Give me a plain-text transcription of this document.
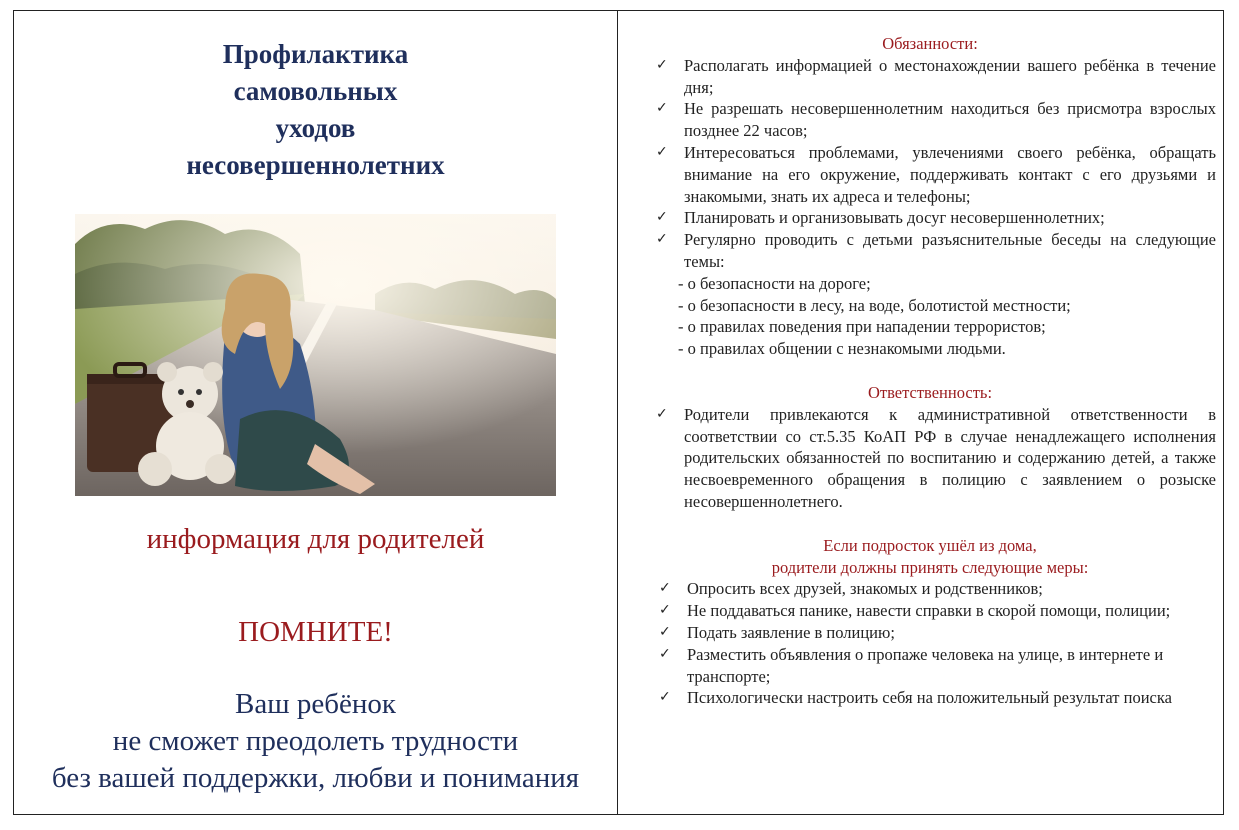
Профилактика
самовольных
уходов
несовершеннолетних
информация для родителей
ПОМНИТЕ!
Ваш ребёнок
не сможет преодолеть трудности
без вашей поддержки, любви и понимания

Обязанности:

✓ Располагать информацией о местонахождении вашего ребёнка в течение дня;
✓ Не разрешать несовершеннолетним находиться без присмотра взрослых позднее 22 часов;
✓ Интересоваться проблемами, увлечениями своего ребёнка, обращать внимание на его окружение, поддерживать контакт с его друзьями и знакомыми, знать их адреса и телефоны;
✓ Планировать и организовывать досуг несовершеннолетних;
✓ Регулярно проводить с детьми разъяснительные беседы на следующие темы:
- о безопасности на дороге;
- о безопасности в лесу, на воде, болотистой местности;
- о правилах поведения при нападении террористов;
- о правилах общении с незнакомыми людьми.

Ответственность:

✓ Родители привлекаются к административной ответственности в соответствии со ст.5.35 КоАП РФ в случае ненадлежащего исполнения родительских обязанностей по воспитанию и содержанию детей, а также несвоевременного обращения в полицию с заявлением о розыске несовершеннолетнего.

Если подросток ушёл из дома,
родители должны принять следующие меры:

✓ Опросить всех друзей, знакомых и родственников;
✓ Не поддаваться панике, навести справки в скорой помощи, полиции;
✓ Подать заявление в полицию;
✓ Разместить объявления о пропаже человека на улице, в интернете и транспорте;
✓ Психологически настроить себя на положительный результат поиска
